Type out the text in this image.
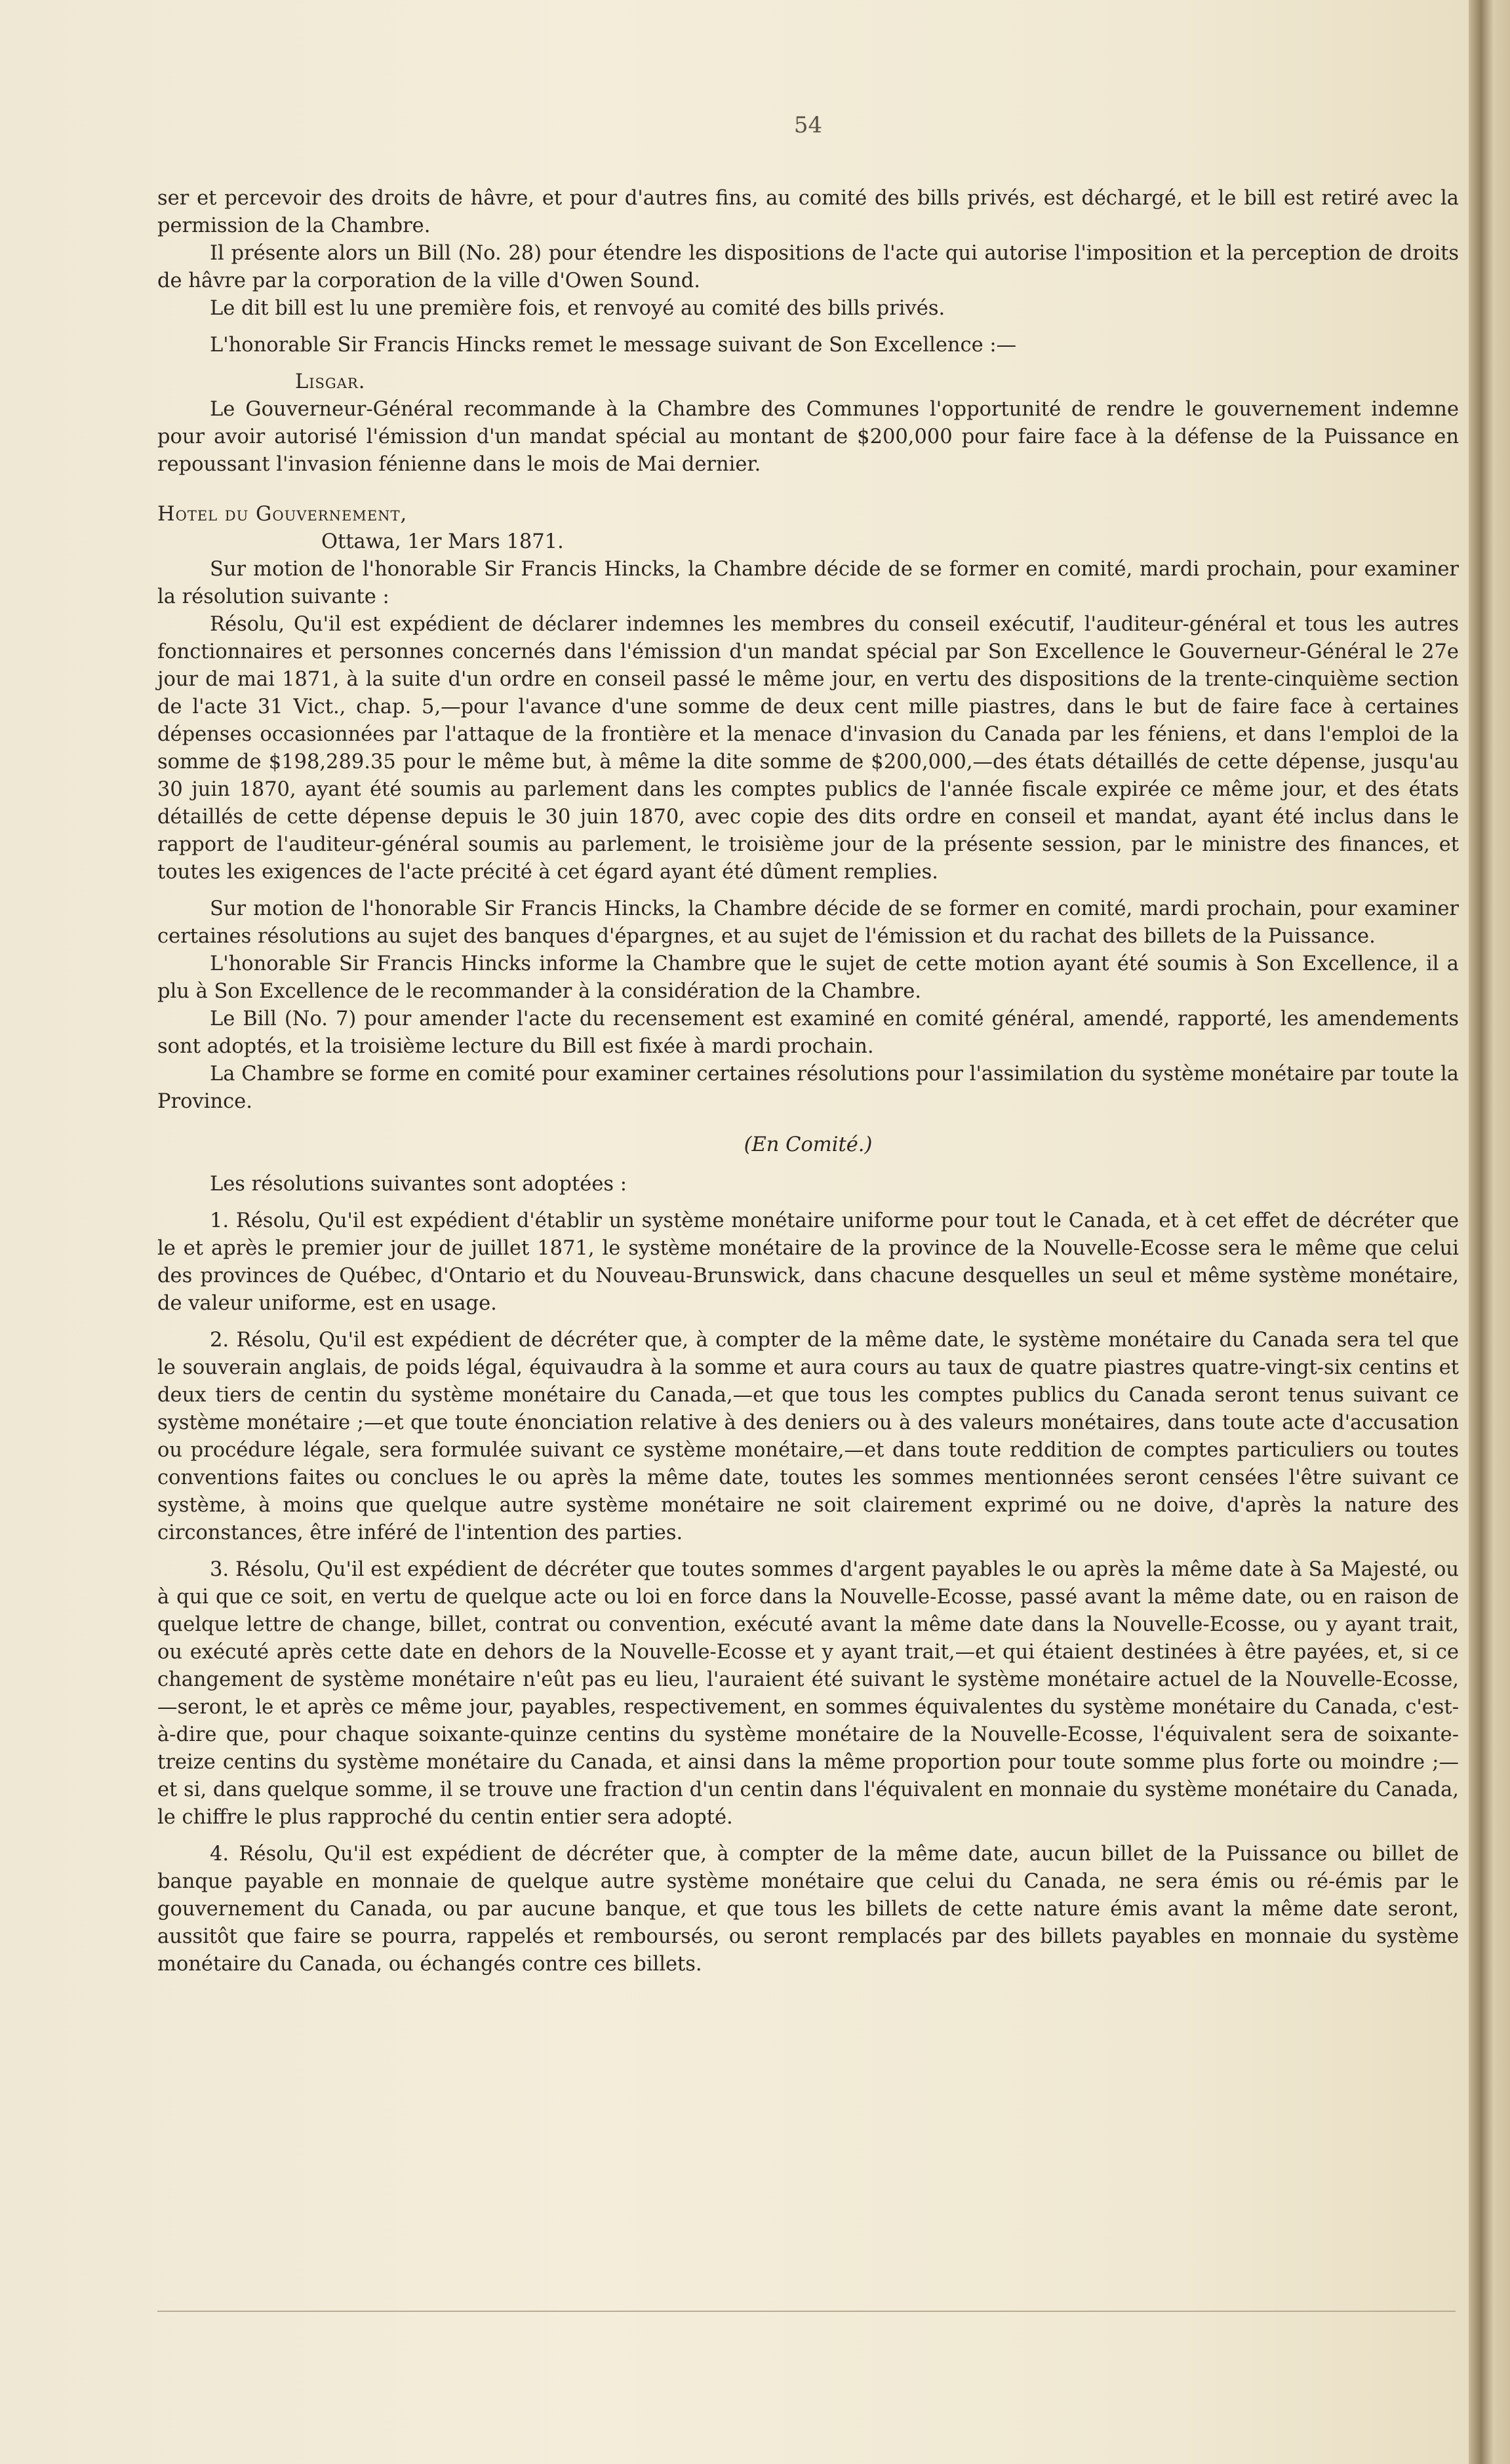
54

ser et percevoir des droits de hâvre, et pour d'autres fins, au comité des bills privés, est déchargé, et le bill est retiré avec la permission de la Chambre.

Il présente alors un Bill (No. 28) pour étendre les dispositions de l'acte qui autorise l'imposition et la perception de droits de hâvre par la corporation de la ville d'Owen Sound.

Le dit bill est lu une première fois, et renvoyé au comité des bills privés.

L'honorable Sir Francis Hincks remet le message suivant de Son Excellence :—

Lisgar.

Le Gouverneur-Général recommande à la Chambre des Communes l'opportunité de rendre le gouvernement indemne pour avoir autorisé l'émission d'un mandat spécial au montant de $200,000 pour faire face à la défense de la Puissance en repoussant l'invasion fénienne dans le mois de Mai dernier.

Hotel du Gouvernement,

Ottawa, 1er Mars 1871.

Sur motion de l'honorable Sir Francis Hincks, la Chambre décide de se former en comité, mardi prochain, pour examiner la résolution suivante :

Résolu, Qu'il est expédient de déclarer indemnes les membres du conseil exécutif, l'auditeur-général et tous les autres fonctionnaires et personnes concernés dans l'émission d'un mandat spécial par Son Excellence le Gouverneur-Général le 27e jour de mai 1871, à la suite d'un ordre en conseil passé le même jour, en vertu des dispositions de la trente-cinquième section de l'acte 31 Vict., chap. 5,—pour l'avance d'une somme de deux cent mille piastres, dans le but de faire face à certaines dépenses occasionnées par l'attaque de la frontière et la menace d'invasion du Canada par les féniens, et dans l'emploi de la somme de $198,289.35 pour le même but, à même la dite somme de $200,000,—des états détaillés de cette dépense, jusqu'au 30 juin 1870, ayant été soumis au parlement dans les comptes publics de l'année fiscale expirée ce même jour, et des états détaillés de cette dépense depuis le 30 juin 1870, avec copie des dits ordre en conseil et mandat, ayant été inclus dans le rapport de l'auditeur-général soumis au parlement, le troisième jour de la présente session, par le ministre des finances, et toutes les exigences de l'acte précité à cet égard ayant été dûment remplies.

Sur motion de l'honorable Sir Francis Hincks, la Chambre décide de se former en comité, mardi prochain, pour examiner certaines résolutions au sujet des banques d'épargnes, et au sujet de l'émission et du rachat des billets de la Puissance.

L'honorable Sir Francis Hincks informe la Chambre que le sujet de cette motion ayant été soumis à Son Excellence, il a plu à Son Excellence de le recommander à la considération de la Chambre.

Le Bill (No. 7) pour amender l'acte du recensement est examiné en comité général, amendé, rapporté, les amendements sont adoptés, et la troisième lecture du Bill est fixée à mardi prochain.

La Chambre se forme en comité pour examiner certaines résolutions pour l'assimilation du système monétaire par toute la Province.

(En Comité.)

Les résolutions suivantes sont adoptées :

1. Résolu, Qu'il est expédient d'établir un système monétaire uniforme pour tout le Canada, et à cet effet de décréter que le et après le premier jour de juillet 1871, le système monétaire de la province de la Nouvelle-Ecosse sera le même que celui des provinces de Québec, d'Ontario et du Nouveau-Brunswick, dans chacune desquelles un seul et même système monétaire, de valeur uniforme, est en usage.

2. Résolu, Qu'il est expédient de décréter que, à compter de la même date, le système monétaire du Canada sera tel que le souverain anglais, de poids légal, équivaudra à la somme et aura cours au taux de quatre piastres quatre-vingt-six centins et deux tiers de centin du système monétaire du Canada,—et que tous les comptes publics du Canada seront tenus suivant ce système monétaire ;—et que toute énonciation relative à des deniers ou à des valeurs monétaires, dans toute acte d'accusation ou procédure légale, sera formulée suivant ce système monétaire,—et dans toute reddition de comptes particuliers ou toutes conventions faites ou conclues le ou après la même date, toutes les sommes mentionnées seront censées l'être suivant ce système, à moins que quelque autre système monétaire ne soit clairement exprimé ou ne doive, d'après la nature des circonstances, être inféré de l'intention des parties.

3. Résolu, Qu'il est expédient de décréter que toutes sommes d'argent payables le ou après la même date à Sa Majesté, ou à qui que ce soit, en vertu de quelque acte ou loi en force dans la Nouvelle-Ecosse, passé avant la même date, ou en raison de quelque lettre de change, billet, contrat ou convention, exécuté avant la même date dans la Nouvelle-Ecosse, ou y ayant trait, ou exécuté après cette date en dehors de la Nouvelle-Ecosse et y ayant trait,—et qui étaient destinées à être payées, et, si ce changement de système monétaire n'eût pas eu lieu, l'auraient été suivant le système monétaire actuel de la Nouvelle-Ecosse,—seront, le et après ce même jour, payables, respectivement, en sommes équivalentes du système monétaire du Canada, c'est-à-dire que, pour chaque soixante-quinze centins du système monétaire de la Nouvelle-Ecosse, l'équivalent sera de soixante-treize centins du système monétaire du Canada, et ainsi dans la même proportion pour toute somme plus forte ou moindre ;—et si, dans quelque somme, il se trouve une fraction d'un centin dans l'équivalent en monnaie du système monétaire du Canada, le chiffre le plus rapproché du centin entier sera adopté.

4. Résolu, Qu'il est expédient de décréter que, à compter de la même date, aucun billet de la Puissance ou billet de banque payable en monnaie de quelque autre système monétaire que celui du Canada, ne sera émis ou ré-émis par le gouvernement du Canada, ou par aucune banque, et que tous les billets de cette nature émis avant la même date seront, aussitôt que faire se pourra, rappelés et remboursés, ou seront remplacés par des billets payables en monnaie du système monétaire du Canada, ou échangés contre ces billets.
